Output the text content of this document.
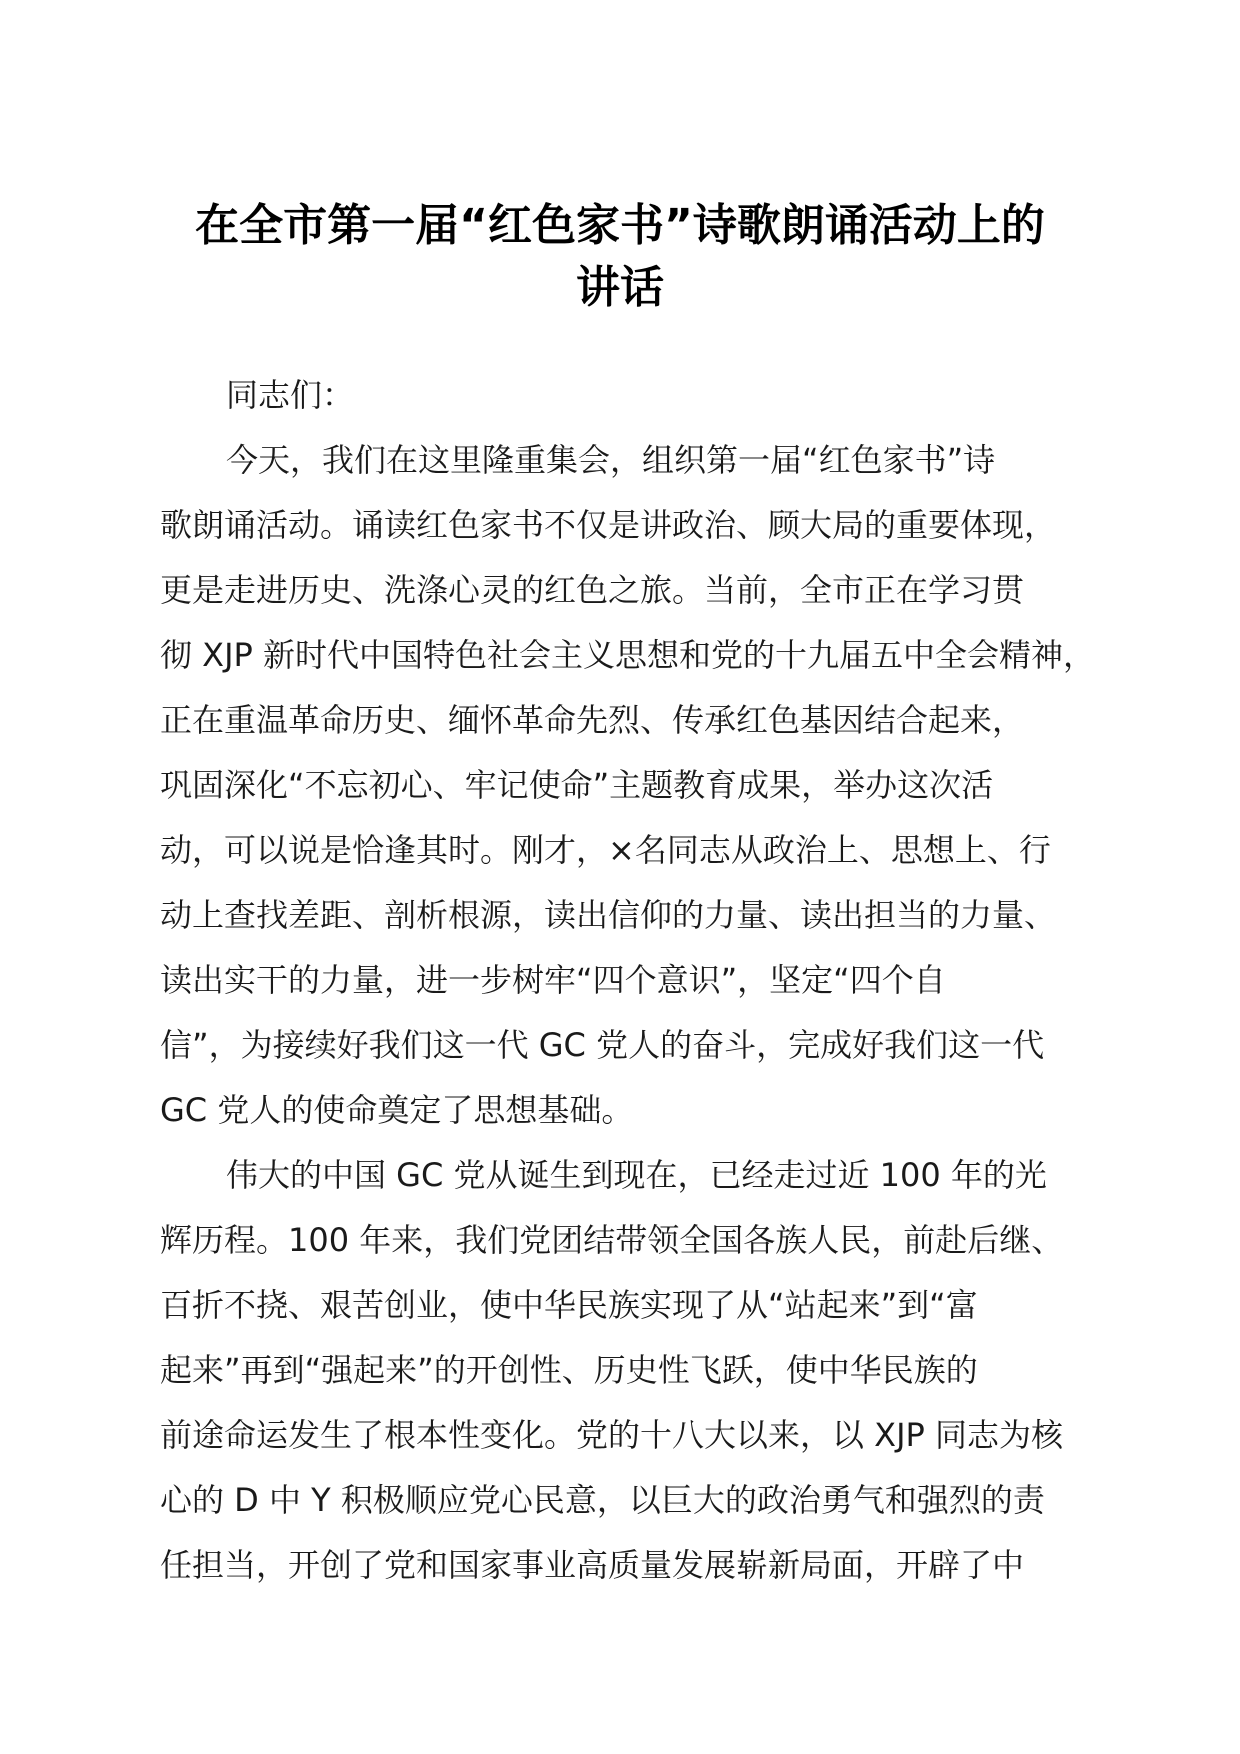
在全市第一届“红色家书”诗歌朗诵活动上的
讲话
同志们：
今天，我们在这里隆重集会，组织第一届“红色家书”诗
歌朗诵活动。诵读红色家书不仅是讲政治、顾大局的重要体现，
更是走进历史、洗涤心灵的红色之旅。当前，全市正在学习贯
彻 XJP 新时代中国特色社会主义思想和党的十九届五中全会精神，
正在重温革命历史、缅怀革命先烈、传承红色基因结合起来，
巩固深化“不忘初心、牢记使命”主题教育成果，举办这次活
动，可以说是恰逢其时。刚才，×名同志从政治上、思想上、行
动上查找差距、剖析根源，读出信仰的力量、读出担当的力量、
读出实干的力量，进一步树牢“四个意识”，坚定“四个自
信”，为接续好我们这一代 GC 党人的奋斗，完成好我们这一代
GC 党人的使命奠定了思想基础。
伟大的中国 GC 党从诞生到现在，已经走过近 100 年的光
辉历程。100 年来，我们党团结带领全国各族人民，前赴后继、
百折不挠、艰苦创业，使中华民族实现了从“站起来”到“富
起来”再到“强起来”的开创性、历史性飞跃，使中华民族的
前途命运发生了根本性变化。党的十八大以来，以 XJP 同志为核
心的 D 中 Y 积极顺应党心民意，以巨大的政治勇气和强烈的责
任担当，开创了党和国家事业高质量发展崭新局面，开辟了中
